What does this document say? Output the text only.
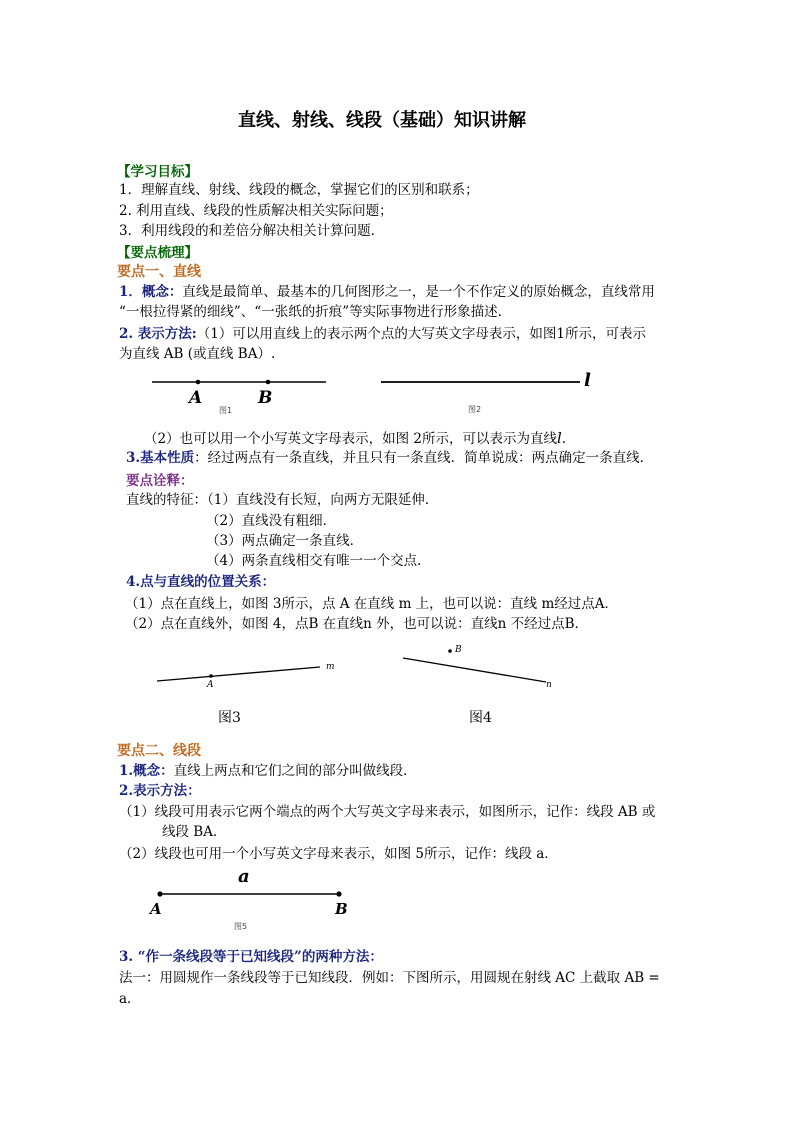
直线、射线、线段（基础）知识讲解
【学习目标】
1．理解直线、射线、线段的概念，掌握它们的区别和联系；
2. 利用直线、线段的性质解决相关实际问题；
3．利用线段的和差倍分解决相关计算问题．
【要点梳理】
要点一、直线
1．概念：直线是最简单、最基本的几何图形之一，是一个不作定义的原始概念，直线常用
“一根拉得紧的细线”、“一张纸的折痕”等实际事物进行形象描述.
2. 表示方法:（1）可以用直线上的表示两个点的大写英文字母表示，如图1所示，可表示
为直线 AB (或直线 BA）.
A	B
图1
l
图2
（2）也可以用一个小写英文字母表示，如图 2所示，可以表示为直线l.
3.基本性质：经过两点有一条直线，并且只有一条直线．简单说成：两点确定一条直线．
要点诠释：
直线的特征：（1）直线没有长短，向两方无限延伸．
（2）直线没有粗细．
（3）两点确定一条直线．
（4）两条直线相交有唯一一个交点．
4.点与直线的位置关系：
（1）点在直线上，如图 3所示，点 A 在直线 m 上，也可以说：直线 m经过点A．
（2）点在直线外，如图 4，点B 在直线n 外，也可以说：直线n 不经过点B．
A
m
图3
B
n
图4
要点二、线段
1.概念：直线上两点和它们之间的部分叫做线段．
2.表示方法：
（1）线段可用表示它两个端点的两个大写英文字母来表示，如图所示，记作：线段 AB 或
线段 BA．
（2）线段也可用一个小写英文字母来表示，如图 5所示，记作：线段 a．
a
A	B
图5
3. “作一条线段等于已知线段”的两种方法：
法一：用圆规作一条线段等于已知线段．例如：下图所示，用圆规在射线 AC 上截取 AB =
a．
